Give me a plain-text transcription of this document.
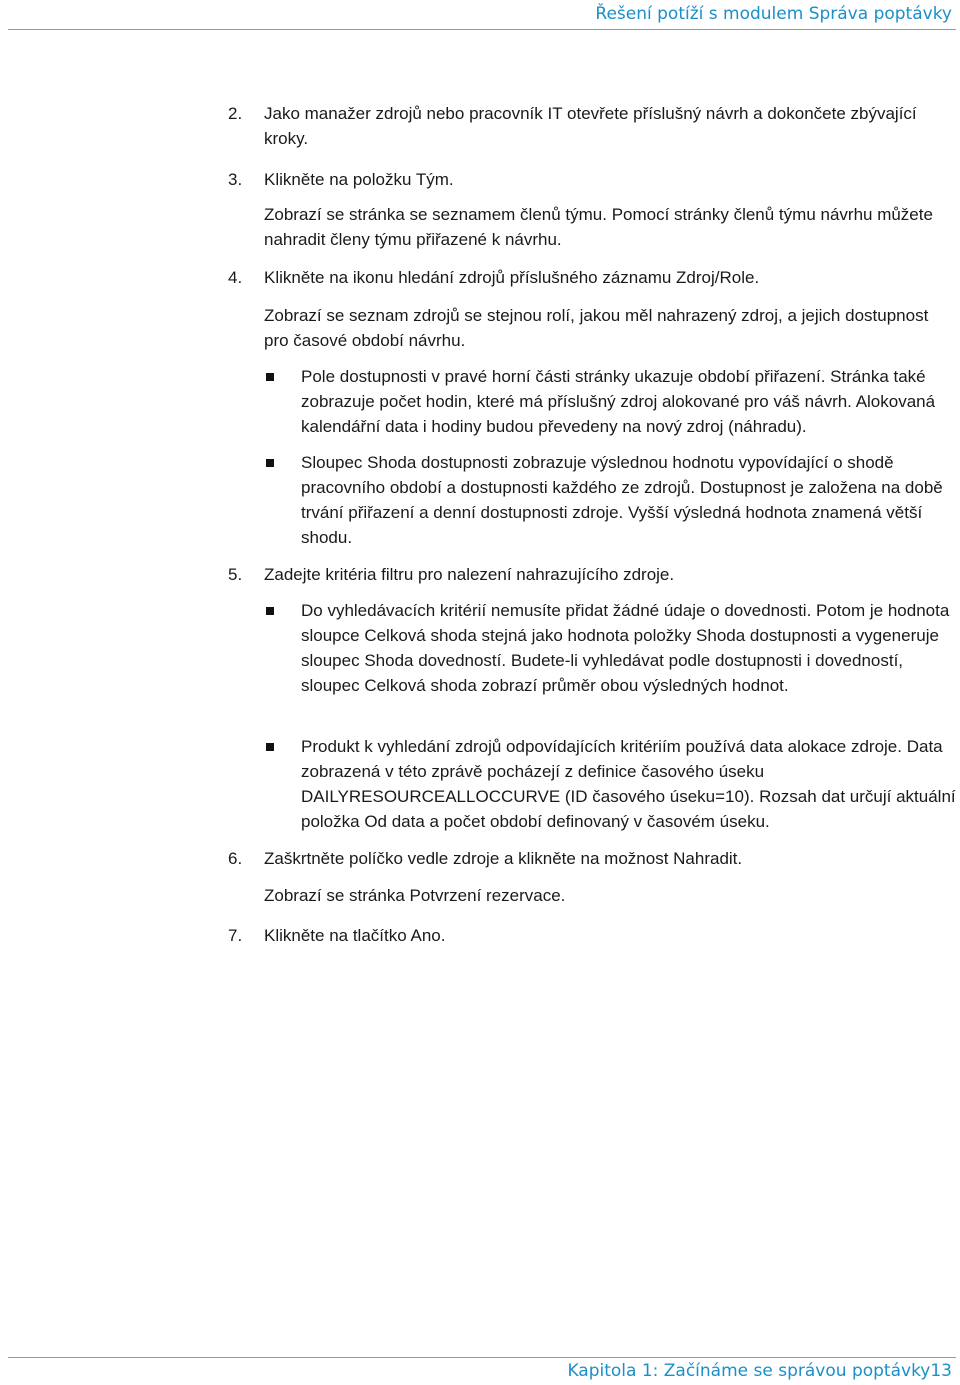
Řešení potíží s modulem Správa poptávky
2. Jako manažer zdrojů nebo pracovník IT otevřete příslušný návrh a dokončete zbývající kroky.
3. Klikněte na položku Tým.
Zobrazí se stránka se seznamem členů týmu. Pomocí stránky členů týmu návrhu můžete nahradit členy týmu přiřazené k návrhu.
4. Klikněte na ikonu hledání zdrojů příslušného záznamu Zdroj/Role.
Zobrazí se seznam zdrojů se stejnou rolí, jakou měl nahrazený zdroj, a jejich dostupnost pro časové období návrhu.
Pole dostupnosti v pravé horní části stránky ukazuje období přiřazení. Stránka také zobrazuje počet hodin, které má příslušný zdroj alokované pro váš návrh. Alokovaná kalendářní data i hodiny budou převedeny na nový zdroj (náhradu).
Sloupec Shoda dostupnosti zobrazuje výslednou hodnotu vypovídající o shodě pracovního období a dostupnosti každého ze zdrojů. Dostupnost je založena na době trvání přiřazení a denní dostupnosti zdroje. Vyšší výsledná hodnota znamená větší shodu.
5. Zadejte kritéria filtru pro nalezení nahrazujícího zdroje.
Do vyhledávacích kritérií nemusíte přidat žádné údaje o dovednosti. Potom je hodnota sloupce Celková shoda stejná jako hodnota položky Shoda dostupnosti a vygeneruje sloupec Shoda dovedností. Budete-li vyhledávat podle dostupnosti i dovedností, sloupec Celková shoda zobrazí průměr obou výsledných hodnot.
Produkt k vyhledání zdrojů odpovídajících kritériím používá data alokace zdroje. Data zobrazená v této zprávě pocházejí z definice časového úseku DAILYRESOURCEALLOCCURVE (ID časového úseku=10). Rozsah dat určují aktuální položka Od data a počet období definovaný v časovém úseku.
6. Zaškrtněte políčko vedle zdroje a klikněte na možnost Nahradit.
Zobrazí se stránka Potvrzení rezervace.
7. Klikněte na tlačítko Ano.
Kapitola 1: Začínáme se správou poptávky13
